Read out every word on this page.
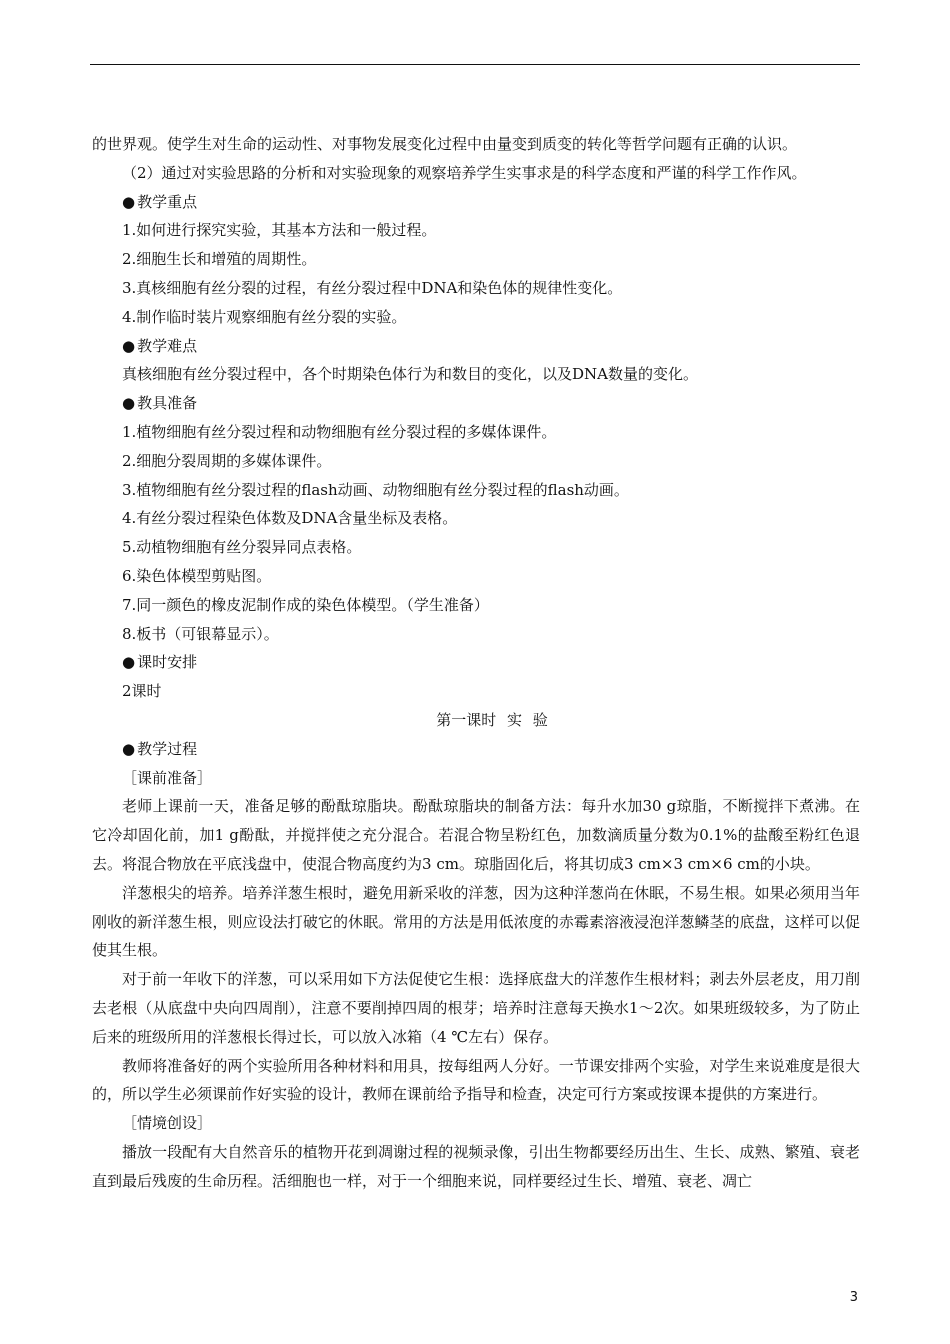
的世界观。使学生对生命的运动性、对事物发展变化过程中由量变到质变的转化等哲学问题有正确的认识。
（2）通过对实验思路的分析和对实验现象的观察培养学生实事求是的科学态度和严谨的科学工作作风。
● 教学重点
1.如何进行探究实验，其基本方法和一般过程。
2.细胞生长和增殖的周期性。
3.真核细胞有丝分裂的过程，有丝分裂过程中DNA和染色体的规律性变化。
4.制作临时装片观察细胞有丝分裂的实验。
● 教学难点
真核细胞有丝分裂过程中，各个时期染色体行为和数目的变化，以及DNA数量的变化。
● 教具准备
1.植物细胞有丝分裂过程和动物细胞有丝分裂过程的多媒体课件。
2.细胞分裂周期的多媒体课件。
3.植物细胞有丝分裂过程的flash动画、动物细胞有丝分裂过程的flash动画。
4.有丝分裂过程染色体数及DNA含量坐标及表格。
5.动植物细胞有丝分裂异同点表格。
6.染色体模型剪贴图。
7.同一颜色的橡皮泥制作成的染色体模型。（学生准备）
8.板书（可银幕显示）。
● 课时安排
2课时
第一课时 实 验
● 教学过程
［课前准备］

老师上课前一天，准备足够的酚酞琼脂块。酚酞琼脂块的制备方法：每升水加30 g琼脂，不断搅拌下煮沸。在它冷却固化前，加1 g酚酞，并搅拌使之充分混合。若混合物呈粉红色，加数滴质量分数为0.1%的盐酸至粉红色退去。将混合物放在平底浅盘中，使混合物高度约为3 cm。琼脂固化后，将其切成3 cm×3 cm×6 cm的小块。

洋葱根尖的培养。培养洋葱生根时，避免用新采收的洋葱，因为这种洋葱尚在休眠，不易生根。如果必须用当年刚收的新洋葱生根，则应设法打破它的休眠。常用的方法是用低浓度的赤霉素溶液浸泡洋葱鳞茎的底盘，这样可以促使其生根。

对于前一年收下的洋葱，可以采用如下方法促使它生根：选择底盘大的洋葱作生根材料；剥去外层老皮，用刀削去老根（从底盘中央向四周削），注意不要削掉四周的根芽；培养时注意每天换水1～2次。如果班级较多，为了防止后来的班级所用的洋葱根长得过长，可以放入冰箱（4 ℃左右）保存。

教师将准备好的两个实验所用各种材料和用具，按每组两人分好。一节课安排两个实验，对学生来说难度是很大的，所以学生必须课前作好实验的设计，教师在课前给予指导和检查，决定可行方案或按课本提供的方案进行。

［情境创设］

播放一段配有大自然音乐的植物开花到凋谢过程的视频录像，引出生物都要经历出生、生长、成熟、繁殖、衰老直到最后残废的生命历程。活细胞也一样，对于一个细胞来说，同样要经过生长、增殖、衰老、凋亡

3
